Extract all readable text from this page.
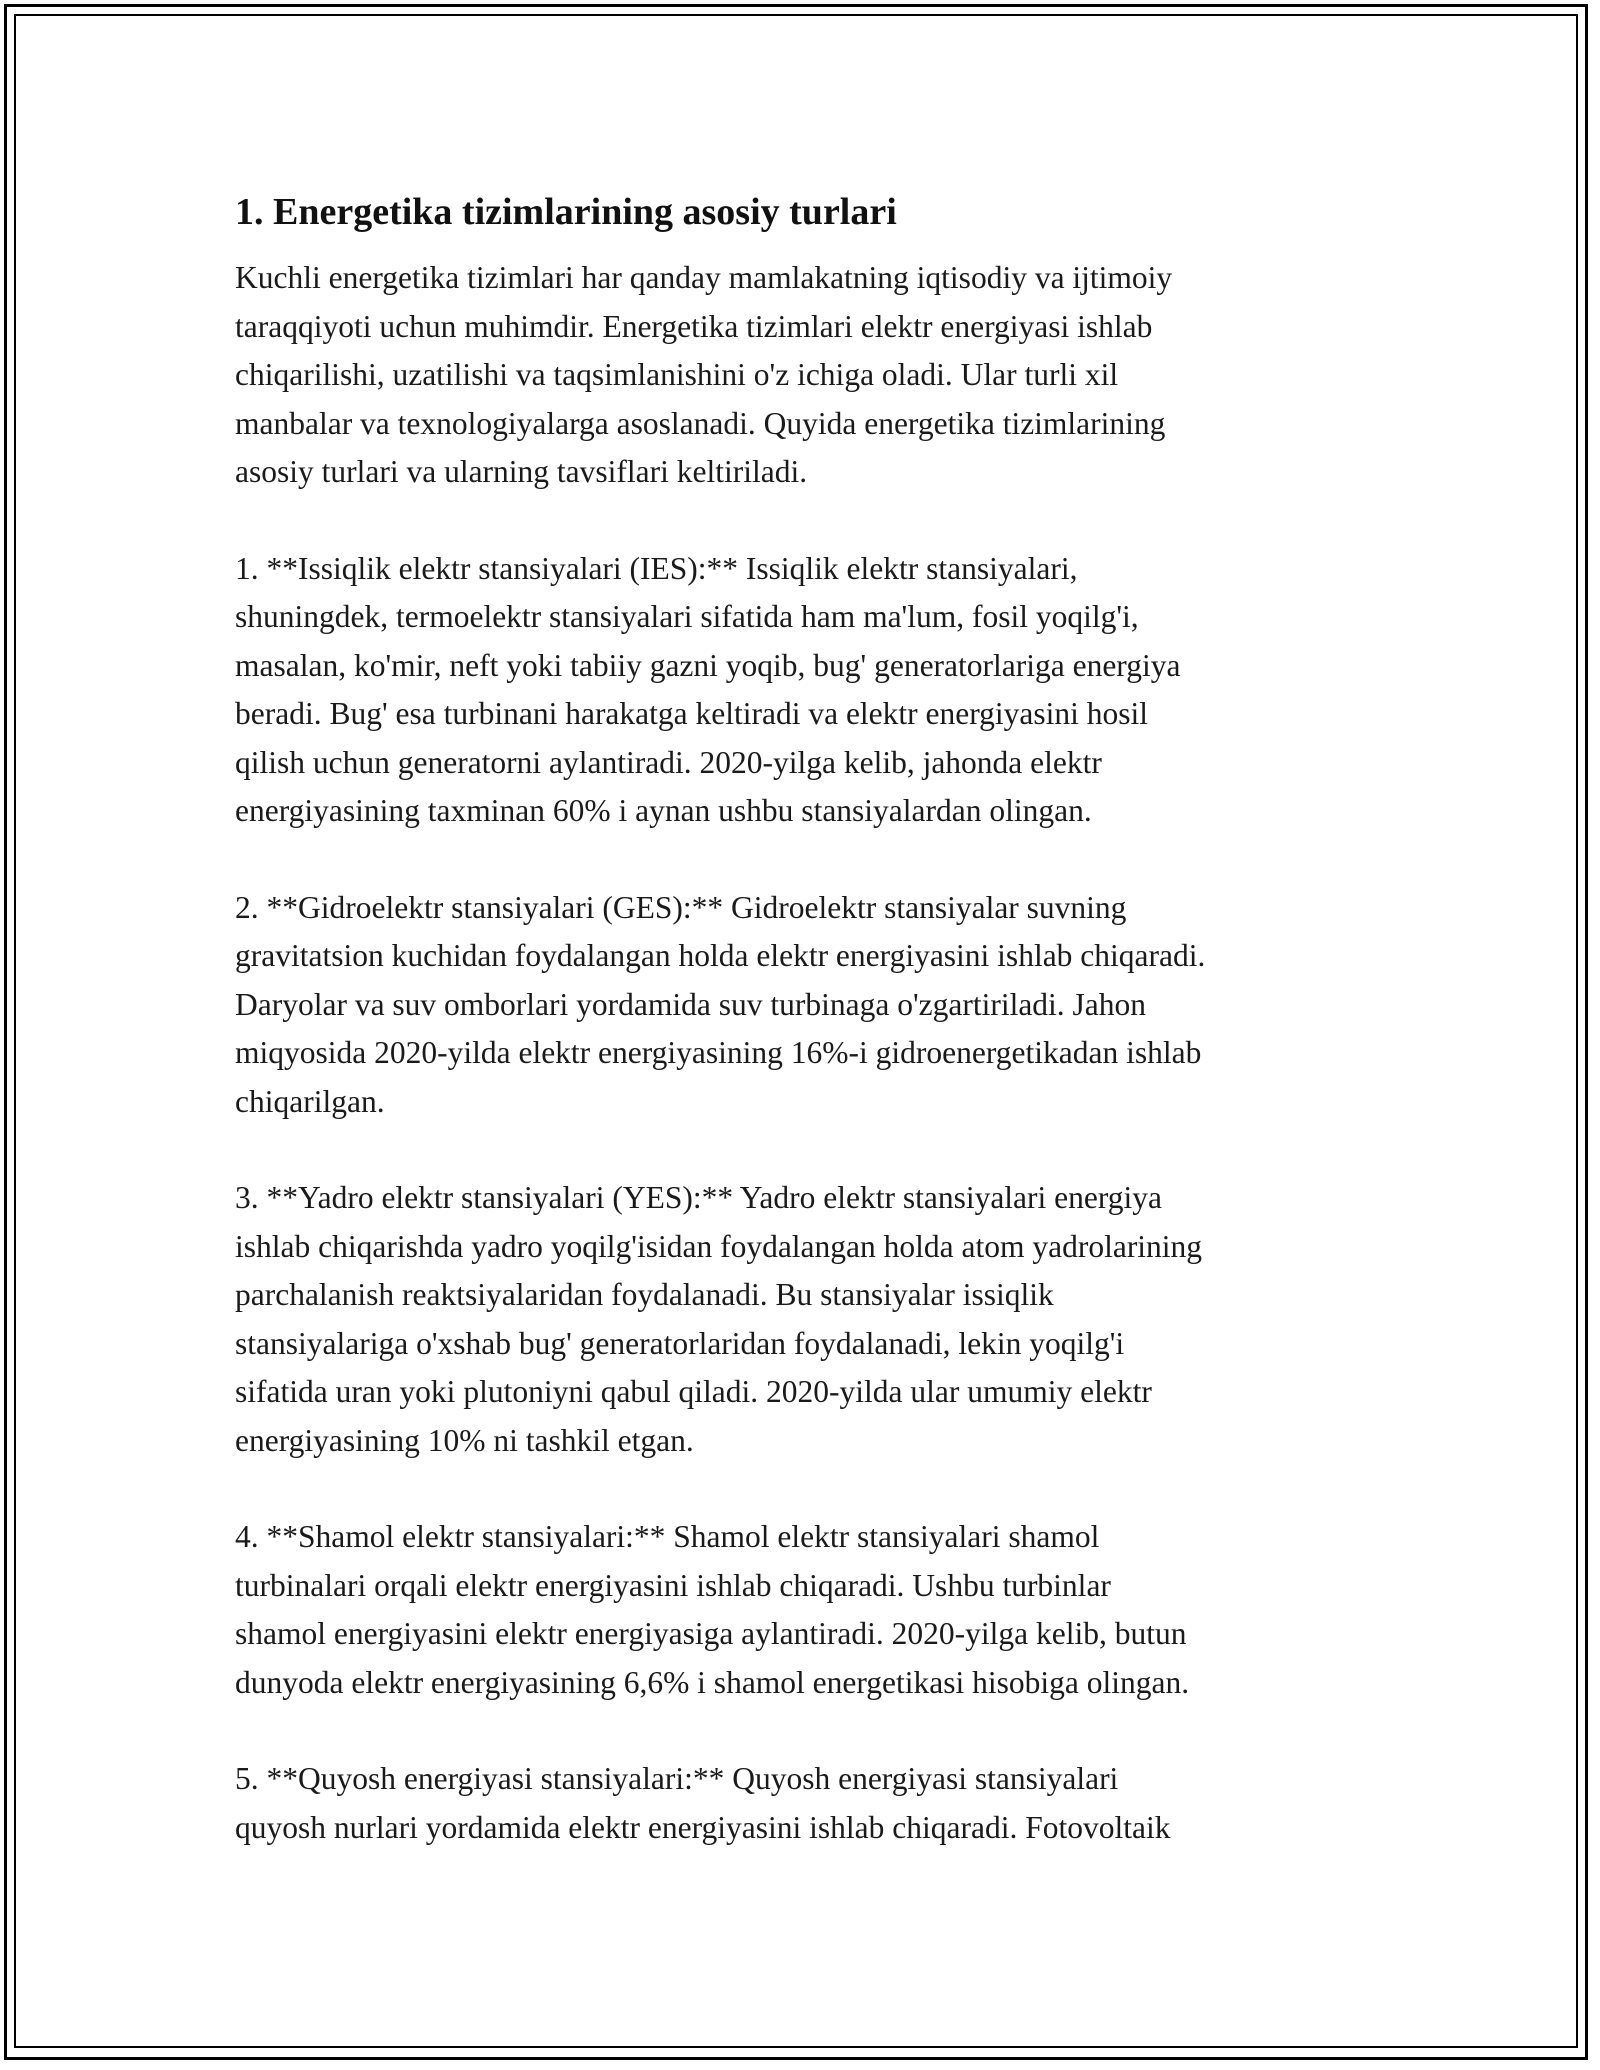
1. Energetika tizimlarining asosiy turlari

Kuchli energetika tizimlari har qanday mamlakatning iqtisodiy va ijtimoiy
taraqqiyoti uchun muhimdir. Energetika tizimlari elektr energiyasi ishlab
chiqarilishi, uzatilishi va taqsimlanishini o'z ichiga oladi. Ular turli xil
manbalar va texnologiyalarga asoslanadi. Quyida energetika tizimlarining
asosiy turlari va ularning tavsiflari keltiriladi.

1. **Issiqlik elektr stansiyalari (IES):** Issiqlik elektr stansiyalari,
shuningdek, termoelektr stansiyalari sifatida ham ma'lum, fosil yoqilg'i,
masalan, ko'mir, neft yoki tabiiy gazni yoqib, bug' generatorlariga energiya
beradi. Bug' esa turbinani harakatga keltiradi va elektr energiyasini hosil
qilish uchun generatorni aylantiradi. 2020-yilga kelib, jahonda elektr
energiyasining taxminan 60% i aynan ushbu stansiyalardan olingan.

2. **Gidroelektr stansiyalari (GES):** Gidroelektr stansiyalar suvning
gravitatsion kuchidan foydalangan holda elektr energiyasini ishlab chiqaradi.
Daryolar va suv omborlari yordamida suv turbinaga o'zgartiriladi. Jahon
miqyosida 2020-yilda elektr energiyasining 16%-i gidroenergetikadan ishlab
chiqarilgan.

3. **Yadro elektr stansiyalari (YES):** Yadro elektr stansiyalari energiya
ishlab chiqarishda yadro yoqilg'isidan foydalangan holda atom yadrolarining
parchalanish reaktsiyalaridan foydalanadi. Bu stansiyalar issiqlik
stansiyalariga o'xshab bug' generatorlaridan foydalanadi, lekin yoqilg'i
sifatida uran yoki plutoniyni qabul qiladi. 2020-yilda ular umumiy elektr
energiyasining 10% ni tashkil etgan.

4. **Shamol elektr stansiyalari:** Shamol elektr stansiyalari shamol
turbinalari orqali elektr energiyasini ishlab chiqaradi. Ushbu turbinlar
shamol energiyasini elektr energiyasiga aylantiradi. 2020-yilga kelib, butun
dunyoda elektr energiyasining 6,6% i shamol energetikasi hisobiga olingan.

5. **Quyosh energiyasi stansiyalari:** Quyosh energiyasi stansiyalari
quyosh nurlari yordamida elektr energiyasini ishlab chiqaradi. Fotovoltaik
